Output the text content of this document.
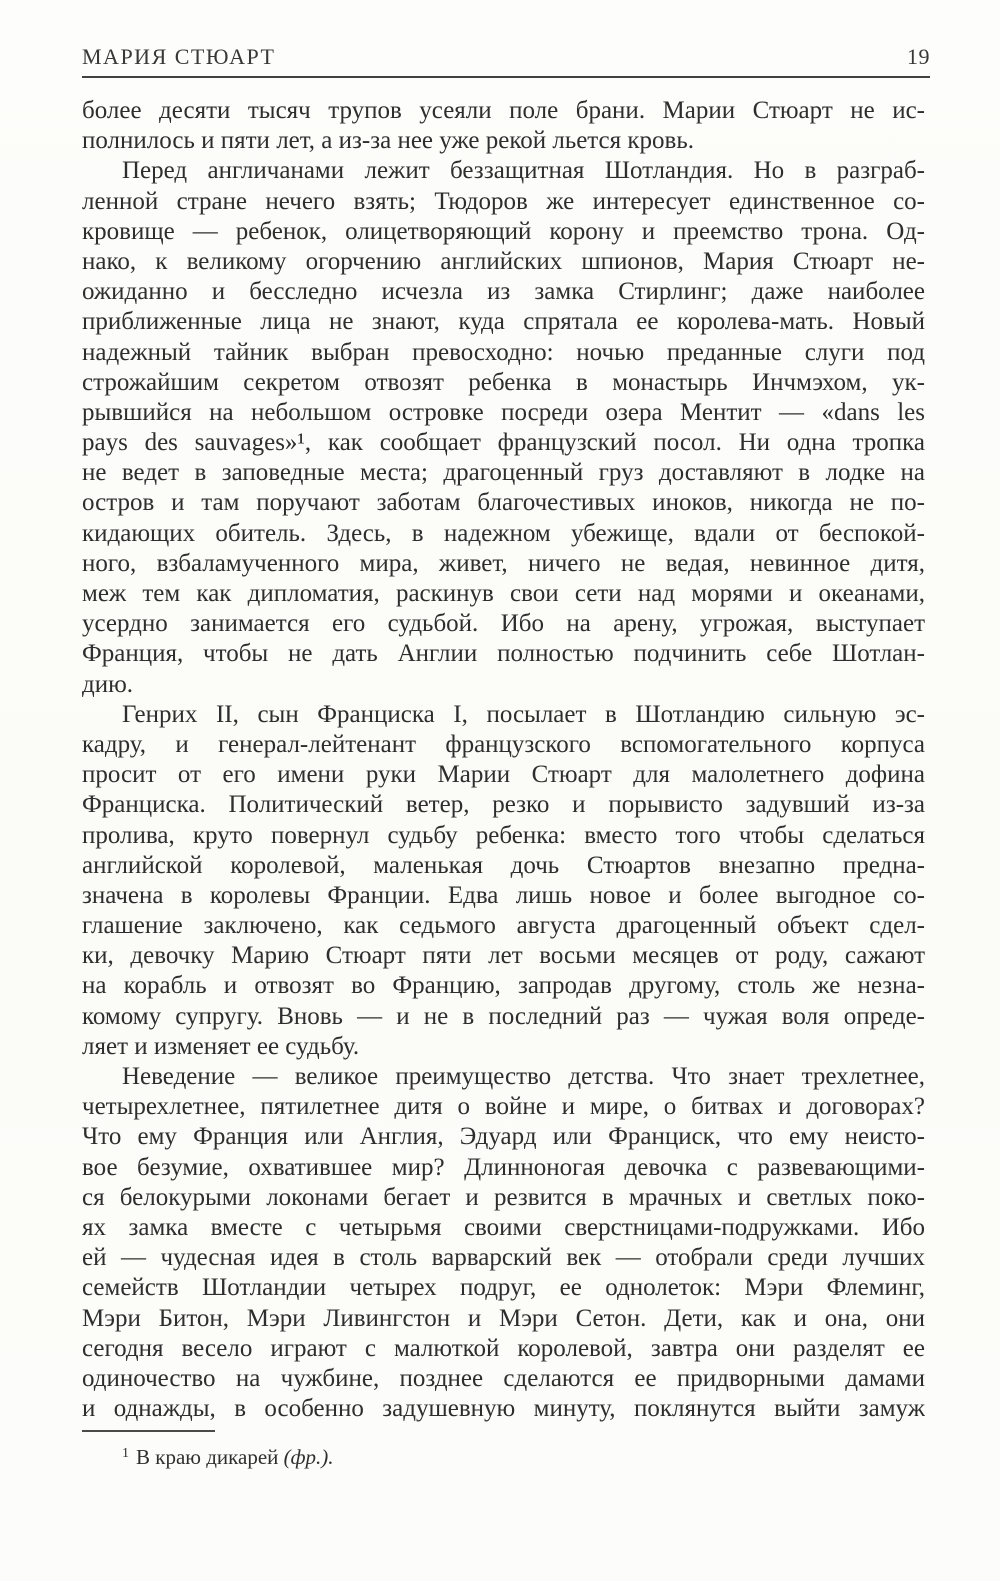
МАРИЯ СТЮАРТ	19
более десяти тысяч трупов усеяли поле брани. Марии Стюарт не ис-
полнилось и пяти лет, а из-за нее уже рекой льется кровь.
Перед англичанами лежит беззащитная Шотландия. Но в разграб-
ленной стране нечего взять; Тюдоров же интересует единственное со-
кровище — ребенок, олицетворяющий корону и преемство трона. Од-
нако, к великому огорчению английских шпионов, Мария Стюарт не-
ожиданно и бесследно исчезла из замка Стирлинг; даже наиболее
приближенные лица не знают, куда спрятала ее королева-мать. Новый
надежный тайник выбран превосходно: ночью преданные слуги под
строжайшим секретом отвозят ребенка в монастырь Инчмэхом, ук-
рывшийся на небольшом островке посреди озера Ментит — «dans les
pays des sauvages»¹, как сообщает французский посол. Ни одна тропка
не ведет в заповедные места; драгоценный груз доставляют в лодке на
остров и там поручают заботам благочестивых иноков, никогда не по-
кидающих обитель. Здесь, в надежном убежище, вдали от беспокой-
ного, взбаламученного мира, живет, ничего не ведая, невинное дитя,
меж тем как дипломатия, раскинув свои сети над морями и океанами,
усердно занимается его судьбой. Ибо на арену, угрожая, выступает
Франция, чтобы не дать Англии полностью подчинить себе Шотлан-
дию.
Генрих II, сын Франциска I, посылает в Шотландию сильную эс-
кадру, и генерал-лейтенант французского вспомогательного корпуса
просит от его имени руки Марии Стюарт для малолетнего дофина
Франциска. Политический ветер, резко и порывисто задувший из-за
пролива, круто повернул судьбу ребенка: вместо того чтобы сделаться
английской королевой, маленькая дочь Стюартов внезапно предна-
значена в королевы Франции. Едва лишь новое и более выгодное со-
глашение заключено, как седьмого августа драгоценный объект сдел-
ки, девочку Марию Стюарт пяти лет восьми месяцев от роду, сажают
на корабль и отвозят во Францию, запродав другому, столь же незна-
комому супругу. Вновь — и не в последний раз — чужая воля опреде-
ляет и изменяет ее судьбу.
Неведение — великое преимущество детства. Что знает трехлетнее,
четырехлетнее, пятилетнее дитя о войне и мире, о битвах и договорах?
Что ему Франция или Англия, Эдуард или Франциск, что ему неисто-
вое безумие, охватившее мир? Длинноногая девочка с развевающими-
ся белокурыми локонами бегает и резвится в мрачных и светлых поко-
ях замка вместе с четырьмя своими сверстницами-подружками. Ибо
ей — чудесная идея в столь варварский век — отобрали среди лучших
семейств Шотландии четырех подруг, ее однолеток: Мэри Флеминг,
Мэри Битон, Мэри Ливингстон и Мэри Сетон. Дети, как и она, они
сегодня весело играют с малюткой королевой, завтра они разделят ее
одиночество на чужбине, позднее сделаются ее придворными дамами
и однажды, в особенно задушевную минуту, поклянутся выйти замуж
$^1$ В краю дикарей (фр.).
